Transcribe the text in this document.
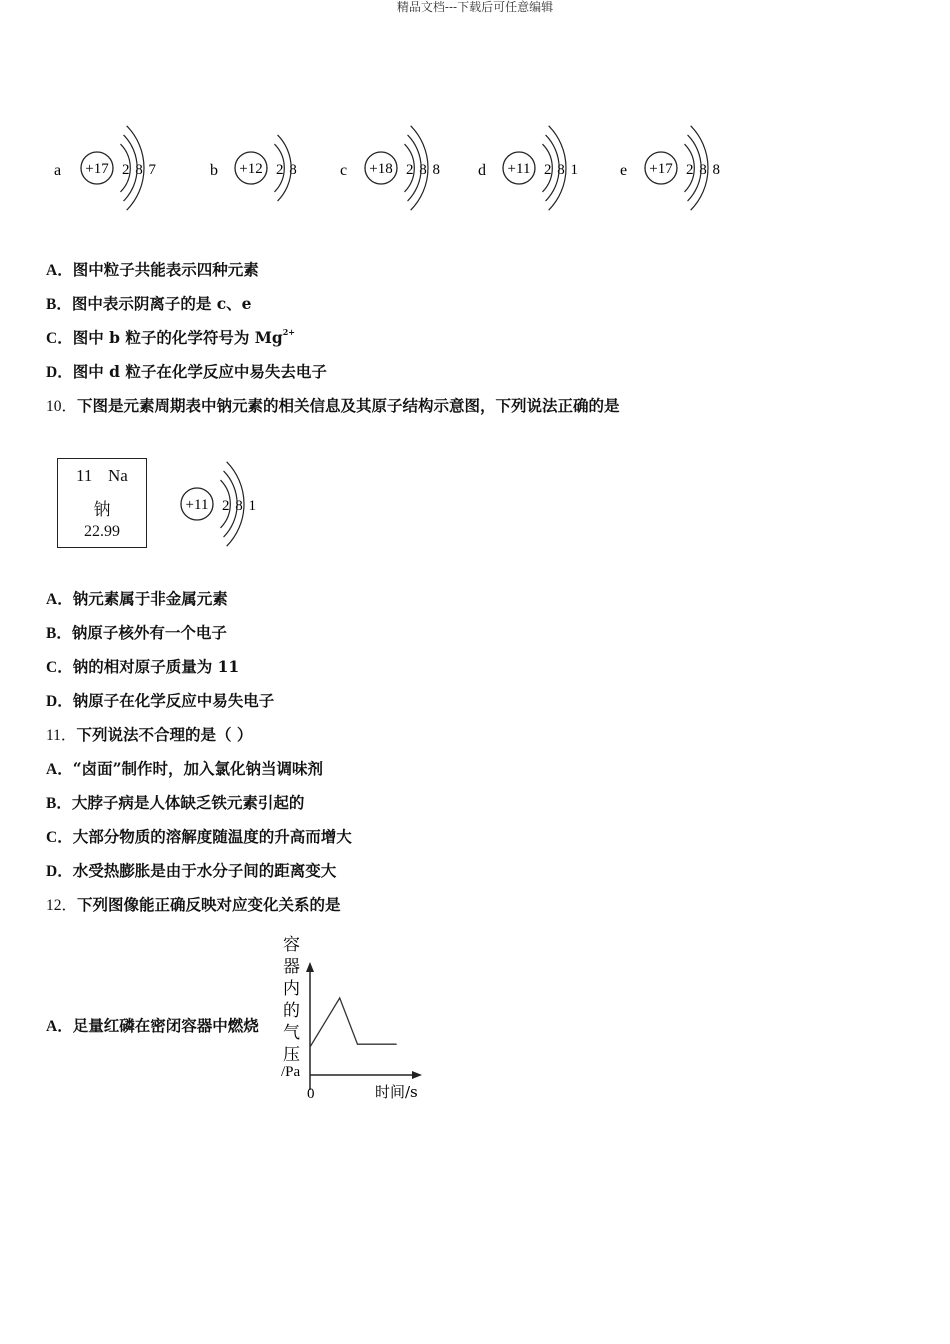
精品文档---下载后可任意编辑
a +17 2 8 7	b +12 2 8	c +18 2 8 8 d +11 2 8 1	e +17 2 8 8
A．图中粒子共能表示四种元素
B．图中表示阴离子的是 c、e
C．图中 b 粒子的化学符号为 $Mg^{2+}$
D．图中 d 粒子在化学反应中易失去电子
10．下图是元素周期表中钠元素的相关信息及其原子结构示意图，下列说法正确的是
11 Na
钠
22.99
+11 2 8 1
A．钠元素属于非金属元素
B．钠原子核外有一个电子
C．钠的相对原子质量为 11
D．钠原子在化学反应中易失电子
11．下列说法不合理的是（ ）
A．“卤面”制作时，加入氯化钠当调味剂
B．大脖子病是人体缺乏铁元素引起的
C．大部分物质的溶解度随温度的升高而增大
D．水受热膨胀是由于水分子间的距离变大
12．下列图像能正确反映对应变化关系的是
A．足量红磷在密闭容器中燃烧
容
器
内
的
气
压
/Pa
0	时间/s
